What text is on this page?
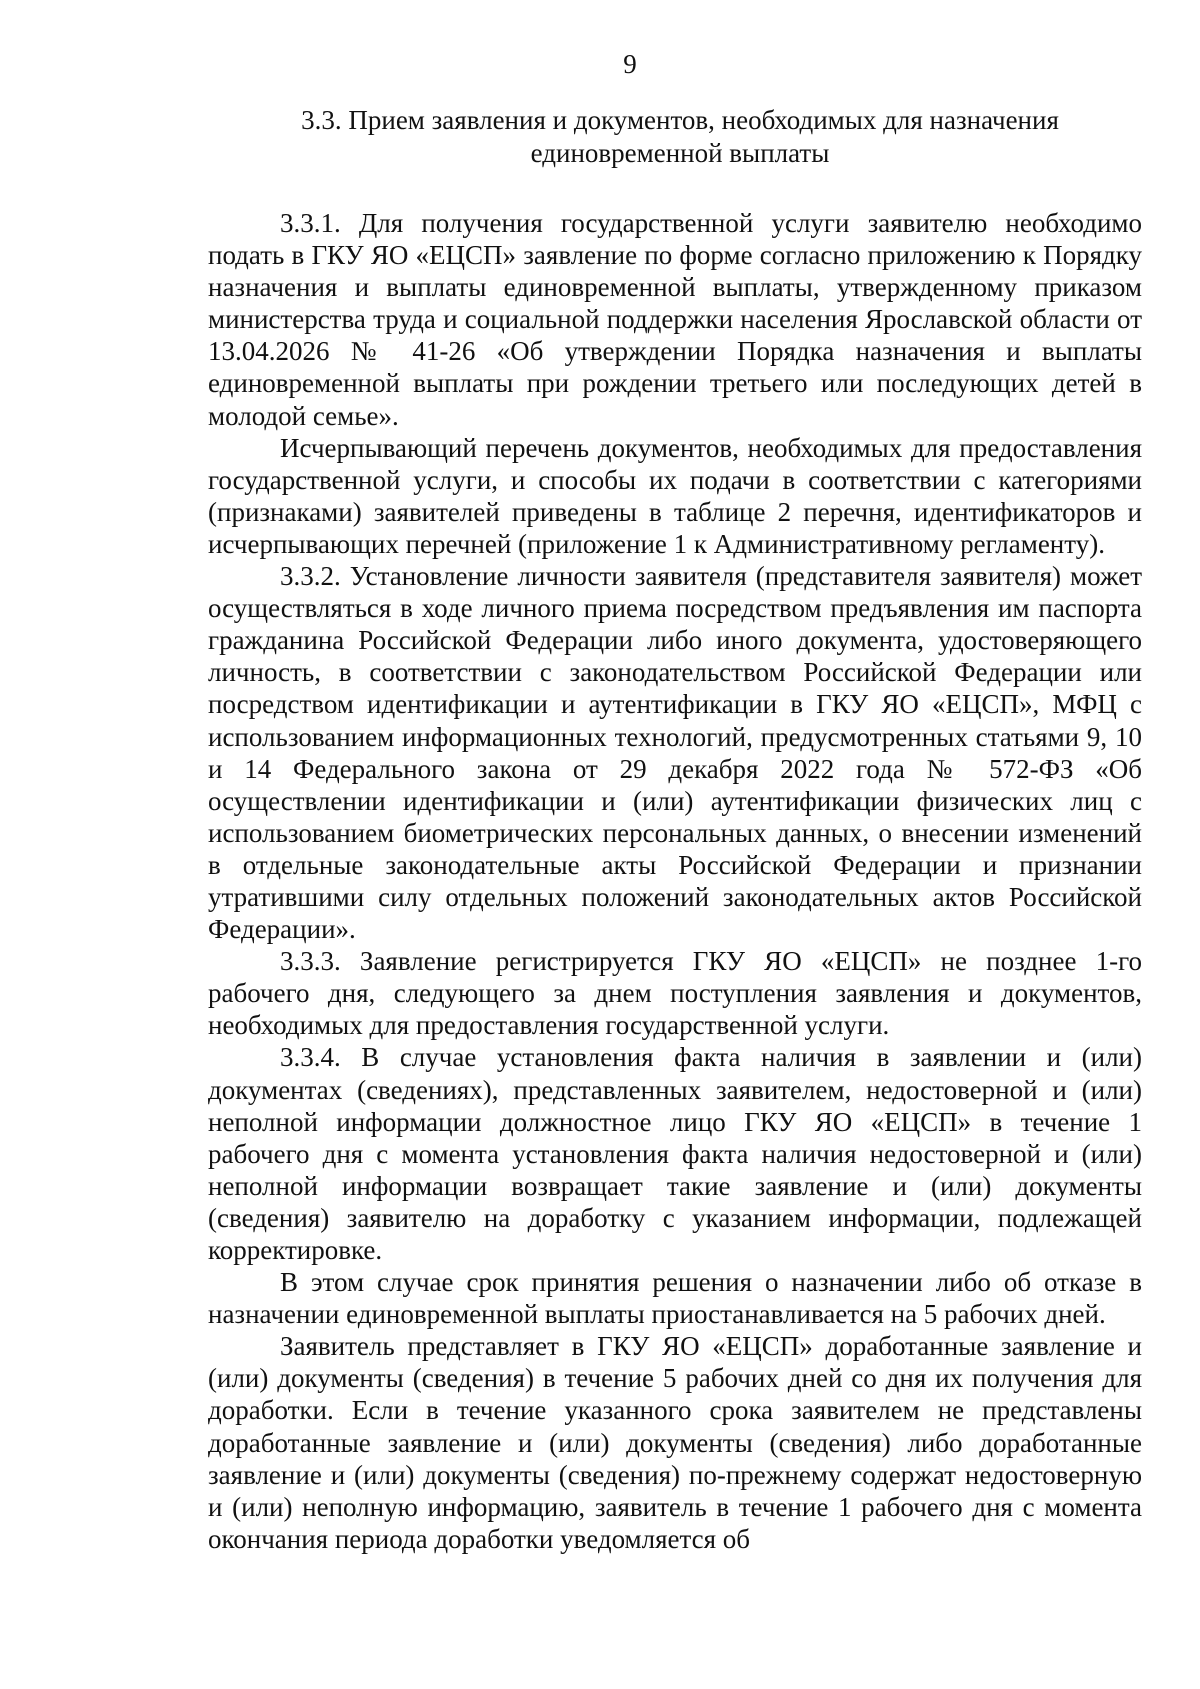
9
3.3. Прием заявления и документов, необходимых для назначения
единовременной выплаты

3.3.1. Для получения государственной услуги заявителю необходимо подать в ГКУ ЯО «ЕЦСП» заявление по форме согласно приложению к Порядку назначения и выплаты единовременной выплаты, утвержденному приказом министерства труда и социальной поддержки населения Ярославской области от 13.04.2026 № 41-26 «Об утверждении Порядка назначения и выплаты единовременной выплаты при рождении третьего или последующих детей в молодой семье».

Исчерпывающий перечень документов, необходимых для предоставления государственной услуги, и способы их подачи в соответствии с категориями (признаками) заявителей приведены в таблице 2 перечня, идентификаторов и исчерпывающих перечней (приложение 1 к Административному регламенту).

3.3.2. Установление личности заявителя (представителя заявителя) может осуществляться в ходе личного приема посредством предъявления им паспорта гражданина Российской Федерации либо иного документа, удостоверяющего личность, в соответствии с законодательством Российской Федерации или посредством идентификации и аутентификации в ГКУ ЯО «ЕЦСП», МФЦ с использованием информационных технологий, предусмотренных статьями 9, 10 и 14 Федерального закона от 29 декабря 2022 года № 572-ФЗ «Об осуществлении идентификации и (или) аутентификации физических лиц с использованием биометрических персональных данных, о внесении изменений в отдельные законодательные акты Российской Федерации и признании утратившими силу отдельных положений законодательных актов Российской Федерации».

3.3.3. Заявление регистрируется ГКУ ЯО «ЕЦСП» не позднее 1-го рабочего дня, следующего за днем поступления заявления и документов, необходимых для предоставления государственной услуги.

3.3.4. В случае установления факта наличия в заявлении и (или) документах (сведениях), представленных заявителем, недостоверной и (или) неполной информации должностное лицо ГКУ ЯО «ЕЦСП» в течение 1 рабочего дня с момента установления факта наличия недостоверной и (или) неполной информации возвращает такие заявление и (или) документы (сведения) заявителю на доработку с указанием информации, подлежащей корректировке.

В этом случае срок принятия решения о назначении либо об отказе в назначении единовременной выплаты приостанавливается на 5 рабочих дней.

Заявитель представляет в ГКУ ЯО «ЕЦСП» доработанные заявление и (или) документы (сведения) в течение 5 рабочих дней со дня их получения для доработки. Если в течение указанного срока заявителем не представлены доработанные заявление и (или) документы (сведения) либо доработанные заявление и (или) документы (сведения) по-прежнему содержат недостоверную и (или) неполную информацию, заявитель в течение 1 рабочего дня с момента окончания периода доработки уведомляется об
